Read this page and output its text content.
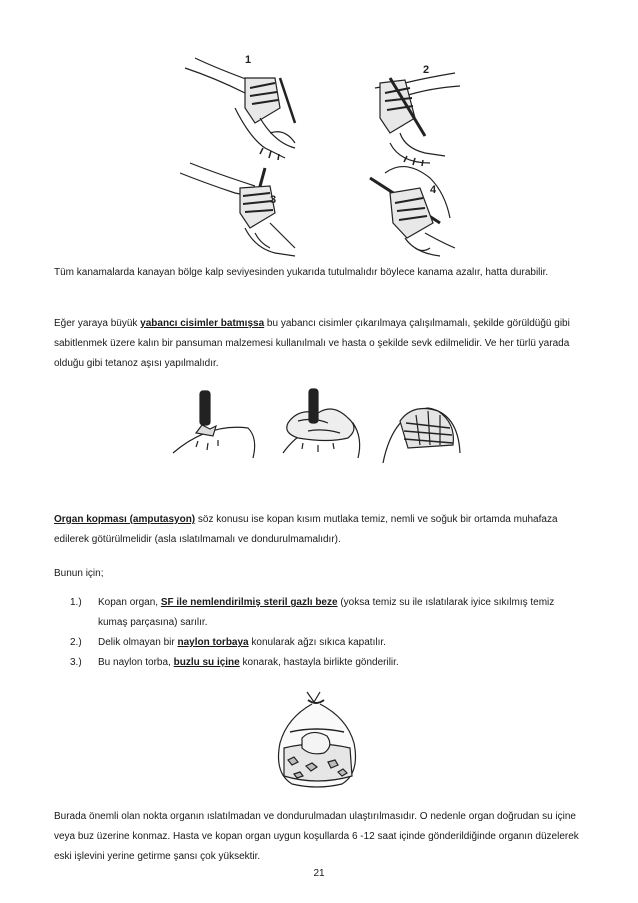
1
2
3
4

Tüm kanamalarda kanayan bölge kalp seviyesinden yukarıda tutulmalıdır böylece kanama azalır, hatta durabilir.

Eğer yaraya büyük yabancı cisimler batmışsa bu yabancı cisimler çıkarılmaya çalışılmamalı, şekilde görüldüğü gibi sabitlenmek üzere kalın bir pansuman malzemesi kullanılmalı ve hasta o şekilde sevk edilmelidir. Ve her türlü yarada olduğu gibi tetanoz aşısı yapılmalıdır.

Organ kopması (amputasyon) söz konusu ise kopan kısım mutlaka temiz, nemli ve soğuk bir ortamda muhafaza edilerek götürülmelidir (asla ıslatılmamalı ve dondurulmamalıdır).

Bunun için;

1.) Kopan organ, SF ile nemlendirilmiş steril gazlı beze (yoksa temiz su ile ıslatılarak iyice sıkılmış temiz kumaş parçasına) sarılır.
2.) Delik olmayan bir naylon torbaya konularak ağzı sıkıca kapatılır.
3.) Bu naylon torba, buzlu su içine konarak, hastayla birlikte gönderilir.

Burada önemli olan nokta organın ıslatılmadan ve dondurulmadan ulaştırılmasıdır. O nedenle organ doğrudan su içine veya buz üzerine konmaz. Hasta ve kopan organ uygun koşullarda 6 -12 saat içinde gönderildiğinde organın düzelerek eski işlevini yerine getirme şansı çok yüksektir.

21
